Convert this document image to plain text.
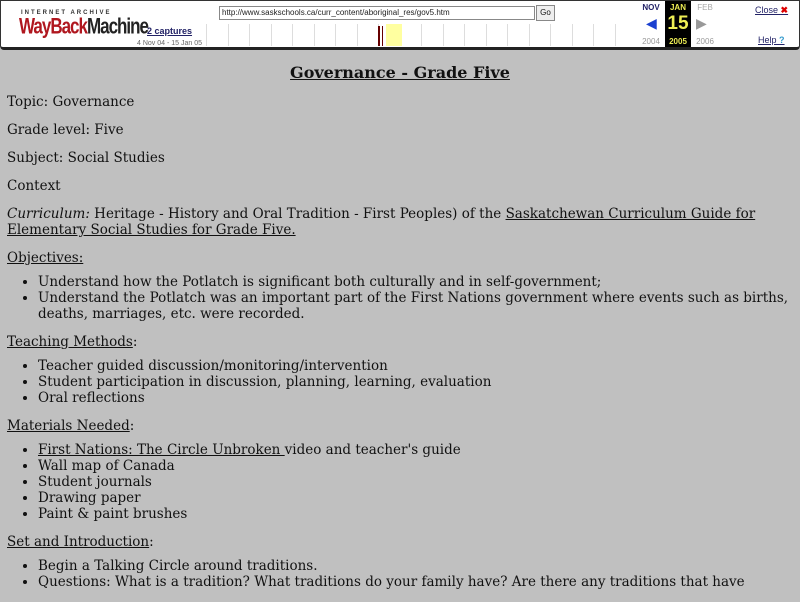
INTERNET ARCHIVE
WayBackMachine 2 captures
4 Nov 04 - 15 Jan 05
http://www.saskschools.ca/curr_content/aboriginal_res/gov5.htm	Go
NOV
◀
2004
JAN
15
2005
FEB
▶
2006
Close ✖
Help ?
Governance - Grade Five

Topic: Governance

Grade level: Five

Subject: Social Studies

Context

Curriculum: Heritage - History and Oral Tradition - First Peoples) of the Saskatchewan Curriculum Guide for Elementary Social Studies for Grade Five.

Objectives:

• Understand how the Potlatch is significant both culturally and in self-government;
• Understand the Potlatch was an important part of the First Nations government where events such as births, deaths, marriages, etc. were recorded.

Teaching Methods:

• Teacher guided discussion/monitoring/intervention
• Student participation in discussion, planning, learning, evaluation
• Oral reflections

Materials Needed:

• First Nations: The Circle Unbroken video and teacher's guide
• Wall map of Canada
• Student journals
• Drawing paper
• Paint & paint brushes

Set and Introduction:

• Begin a Talking Circle around traditions.
• Questions: What is a tradition? What traditions do your family have? Are there any traditions that have
